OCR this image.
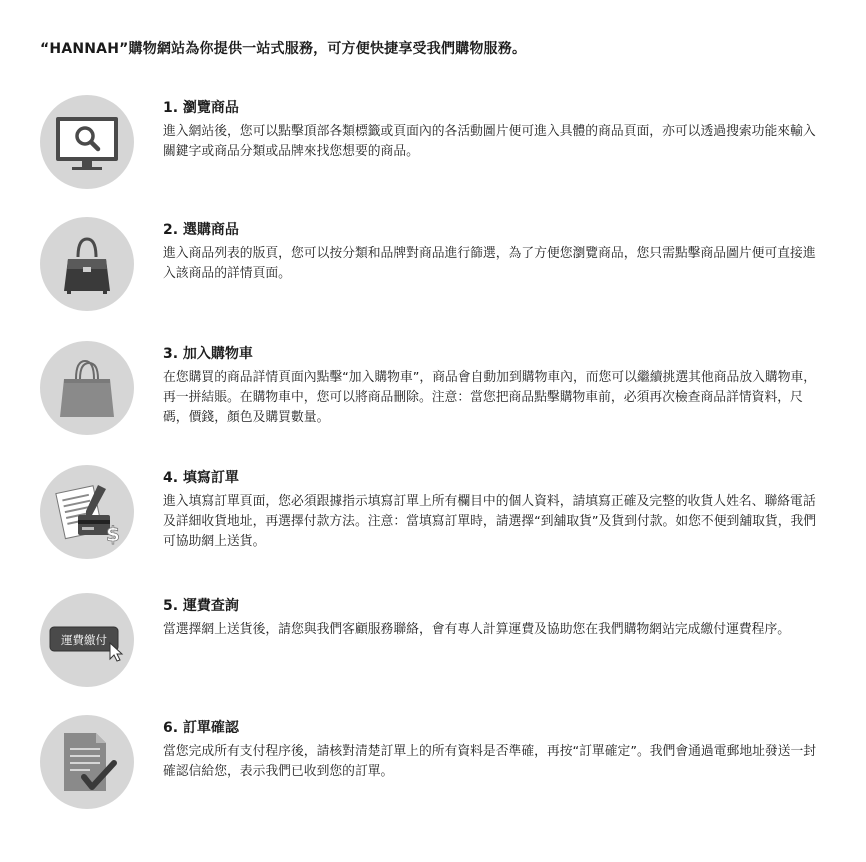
“HANNAH”購物網站為你提供一站式服務，可方便快捷享受我們購物服務。
1. 瀏覽商品
進入網站後，您可以點擊頂部各類標籤或頁面內的各活動圖片便可進入具體的商品頁面，亦可以透過搜索功能來輸入關鍵字或商品分類或品牌來找您想要的商品。
2. 選購商品
進入商品列表的版頁，您可以按分類和品牌對商品進行篩選，為了方便您瀏覽商品，您只需點擊商品圖片便可直接進入該商品的詳情頁面。
3. 加入購物車
在您購買的商品詳情頁面內點擊“加入購物車”，商品會自動加到購物車內，而您可以繼續挑選其他商品放入購物車，再一拼結賬。在購物車中，您可以將商品刪除。注意：當您把商品點擊購物車前，必須再次檢查商品詳情資料，尺碼，價錢，顏色及購買數量。
$
4. 填寫訂單
進入填寫訂單頁面，您必須跟據指示填寫訂單上所有欄目中的個人資料，請填寫正確及完整的收貨人姓名、聯絡電話及詳細收貨地址，再選擇付款方法。注意：當填寫訂單時，請選擇“到舖取貨”及貨到付款。如您不便到舖取貨，我們可協助網上送貨。
運費繳付
5. 運費查詢
當選擇網上送貨後，請您與我們客顧服務聯絡，會有專人計算運費及協助您在我們購物網站完成繳付運費程序。
6. 訂單確認
當您完成所有支付程序後，請核對清楚訂單上的所有資料是否準確，再按“訂單確定”。我們會通過電郵地址發送一封確認信給您，表示我們已收到您的訂單。
